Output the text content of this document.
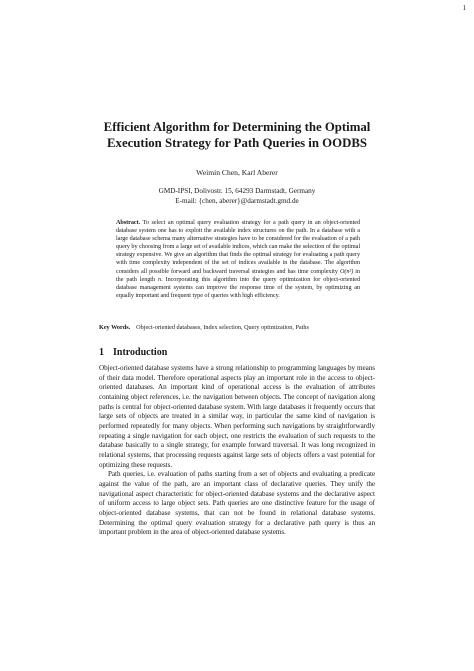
1
Efficient Algorithm for Determining the Optimal
Execution Strategy for Path Queries in OODBS
Weimin Chen, Karl Aberer
GMD-IPSI, Dolivostr. 15, 64293 Darmstadt, Germany
E-mail: {chen, aberer}@darmstadt.gmd.de
Abstract. To select an optimal query evaluation strategy for a path query in an object-oriented database system one has to exploit the available index structures on the path. In a database with a large database schema many alternative strategies have to be considered for the evaluation of a path query by choosing from a large set of available indices, which can make the selection of the optimal strategy expensive. We give an algorithm that finds the optimal strategy for evaluating a path query with time complexity independent of the set of indices available in the database. The algorithm considers all possible forward and backward traversal strategies and has time complexity O(n²) in the path length n. Incorporating this algorithm into the query optimization for object-oriented database management systems can improve the response time of the system, by optimizing an equally important and frequent type of queries with high efficiency.
Key Words. Object-oriented databases, Index selection, Query optimization, Paths
1 Introduction

Object-oriented database systems have a strong relationship to programming languages by means of their data model. Therefore operational aspects play an important role in the access to object-oriented databases. An important kind of operational access is the evaluation of attributes containing object references, i.e. the navigation between objects. The concept of navigation along paths is central for object-oriented database system. With large databases it frequently occurs that large sets of objects are treated in a similar way, in particular the same kind of navigation is performed repeatedly for many objects. When performing such navigations by straightforwardly repeating a single navigation for each object, one restricts the evaluation of such requests to the database basically to a single strategy, for example forward traversal. It was long recognized in relational systems, that processing requests against large sets of objects offers a vast potential for optimizing these requests.

Path queries, i.e. evaluation of paths starting from a set of objects and evaluating a predicate against the value of the path, are an important class of declarative queries. They unify the navigational aspect characteristic for object-oriented database systems and the declarative aspect of uniform access to large object sets. Path queries are one distinctive feature for the usage of object-oriented database systems, that can not be found in relational database systems. Determining the optimal query evaluation strategy for a declarative path query is thus an important problem in the area of object-oriented database systems.
